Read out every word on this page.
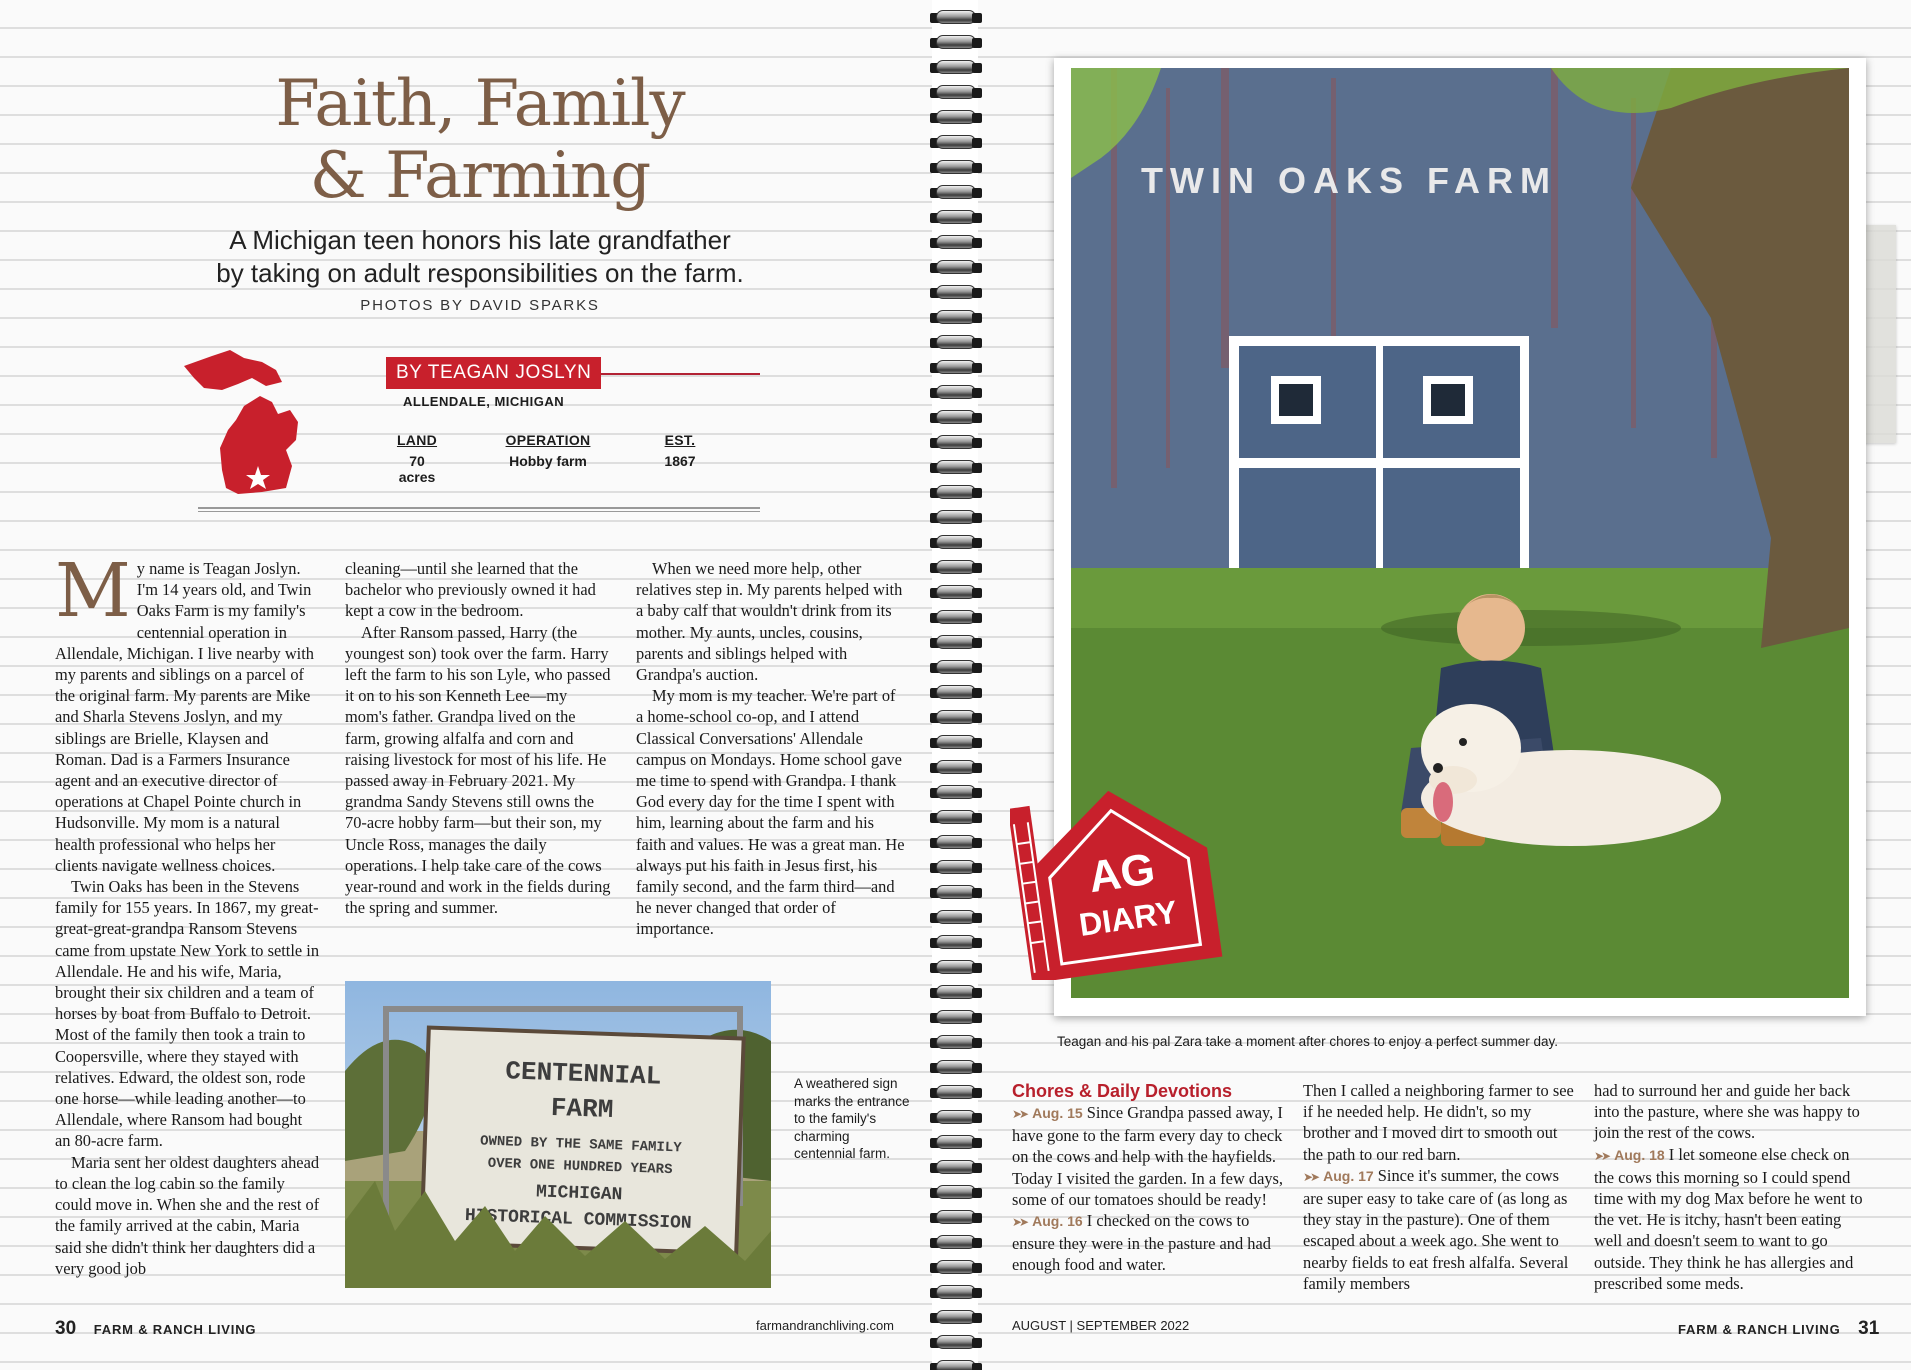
Faith, Family
& Farming
A Michigan teen honors his late grandfather
by taking on adult responsibilities on the farm.
PHOTOS BY DAVID SPARKS
BY TEAGAN JOSLYN
ALLENDALE, MICHIGAN
LAND
70 acres
OPERATION
Hobby farm
EST.
1867

My name is Teagan Joslyn. I'm 14 years old, and Twin Oaks Farm is my family's centennial operation in Allendale, Michigan. I live nearby with my parents and siblings on a parcel of the original farm. My parents are Mike and Sharla Stevens Joslyn, and my siblings are Brielle, Klaysen and Roman. Dad is a Farmers Insurance agent and an executive director of operations at Chapel Pointe church in Hudsonville. My mom is a natural health professional who helps her clients navigate wellness choices.

Twin Oaks has been in the Stevens family for 155 years. In 1867, my great-great-great-grandpa Ransom Stevens came from upstate New York to settle in Allendale. He and his wife, Maria, brought their six children and a team of horses by boat from Buffalo to Detroit. Most of the family then took a train to Coopersville, where they stayed with relatives. Edward, the oldest son, rode one horse—while leading another—to Allendale, where Ransom had bought an 80-acre farm.

Maria sent her oldest daughters ahead to clean the log cabin so the family could move in. When she and the rest of the family arrived at the cabin, Maria said she didn't think her daughters did a very good job

cleaning—until she learned that the bachelor who previously owned it had kept a cow in the bedroom.

After Ransom passed, Harry (the youngest son) took over the farm. Harry left the farm to his son Lyle, who passed it on to his son Kenneth Lee—my mom's father. Grandpa lived on the farm, growing alfalfa and corn and raising livestock for most of his life. He passed away in February 2021. My grandma Sandy Stevens still owns the 70-acre hobby farm—but their son, my Uncle Ross, manages the daily operations. I help take care of the cows year-round and work in the fields during the spring and summer.

When we need more help, other relatives step in. My parents helped with a baby calf that wouldn't drink from its mother. My aunts, uncles, cousins, parents and siblings helped with Grandpa's auction.

My mom is my teacher. We're part of a home-school co-op, and I attend Classical Conversations' Allendale campus on Mondays. Home school gave me time to spend with Grandpa. I thank God every day for the time I spent with him, learning about the farm and his faith and values. He was a great man. He always put his faith in Jesus first, his family second, and the farm third—and he never changed that order of importance.

CENTENNIAL
FARM
OWNED BY THE SAME FAMILY
OVER ONE HUNDRED YEARS
MICHIGAN
HISTORICAL COMMISSION
A weathered sign marks the entrance to the family's charming centennial farm.
30 FARM & RANCH LIVING	farmandranchliving.com
TWIN OAKS FARM
AG
DIARY
Teagan and his pal Zara take a moment after chores to enjoy a perfect summer day.
Chores & Daily Devotions

➤➤ Aug. 15 Since Grandpa passed away, I have gone to the farm every day to check on the cows and help with the hayfields. Today I visited the garden. In a few days, some of our tomatoes should be ready!

➤➤ Aug. 16 I checked on the cows to ensure they were in the pasture and had enough food and water.

Then I called a neighboring farmer to see if he needed help. He didn't, so my brother and I moved dirt to smooth out the path to our red barn.

➤➤ Aug. 17 Since it's summer, the cows are super easy to take care of (as long as they stay in the pasture). One of them escaped about a week ago. She went to nearby fields to eat fresh alfalfa. Several family members

had to surround her and guide her back into the pasture, where she was happy to join the rest of the cows.

➤➤ Aug. 18 I let someone else check on the cows this morning so I could spend time with my dog Max before he went to the vet. He is itchy, hasn't been eating well and doesn't seem to want to go outside. They think he has allergies and prescribed some meds.

AUGUST | SEPTEMBER 2022	FARM & RANCH LIVING 31
